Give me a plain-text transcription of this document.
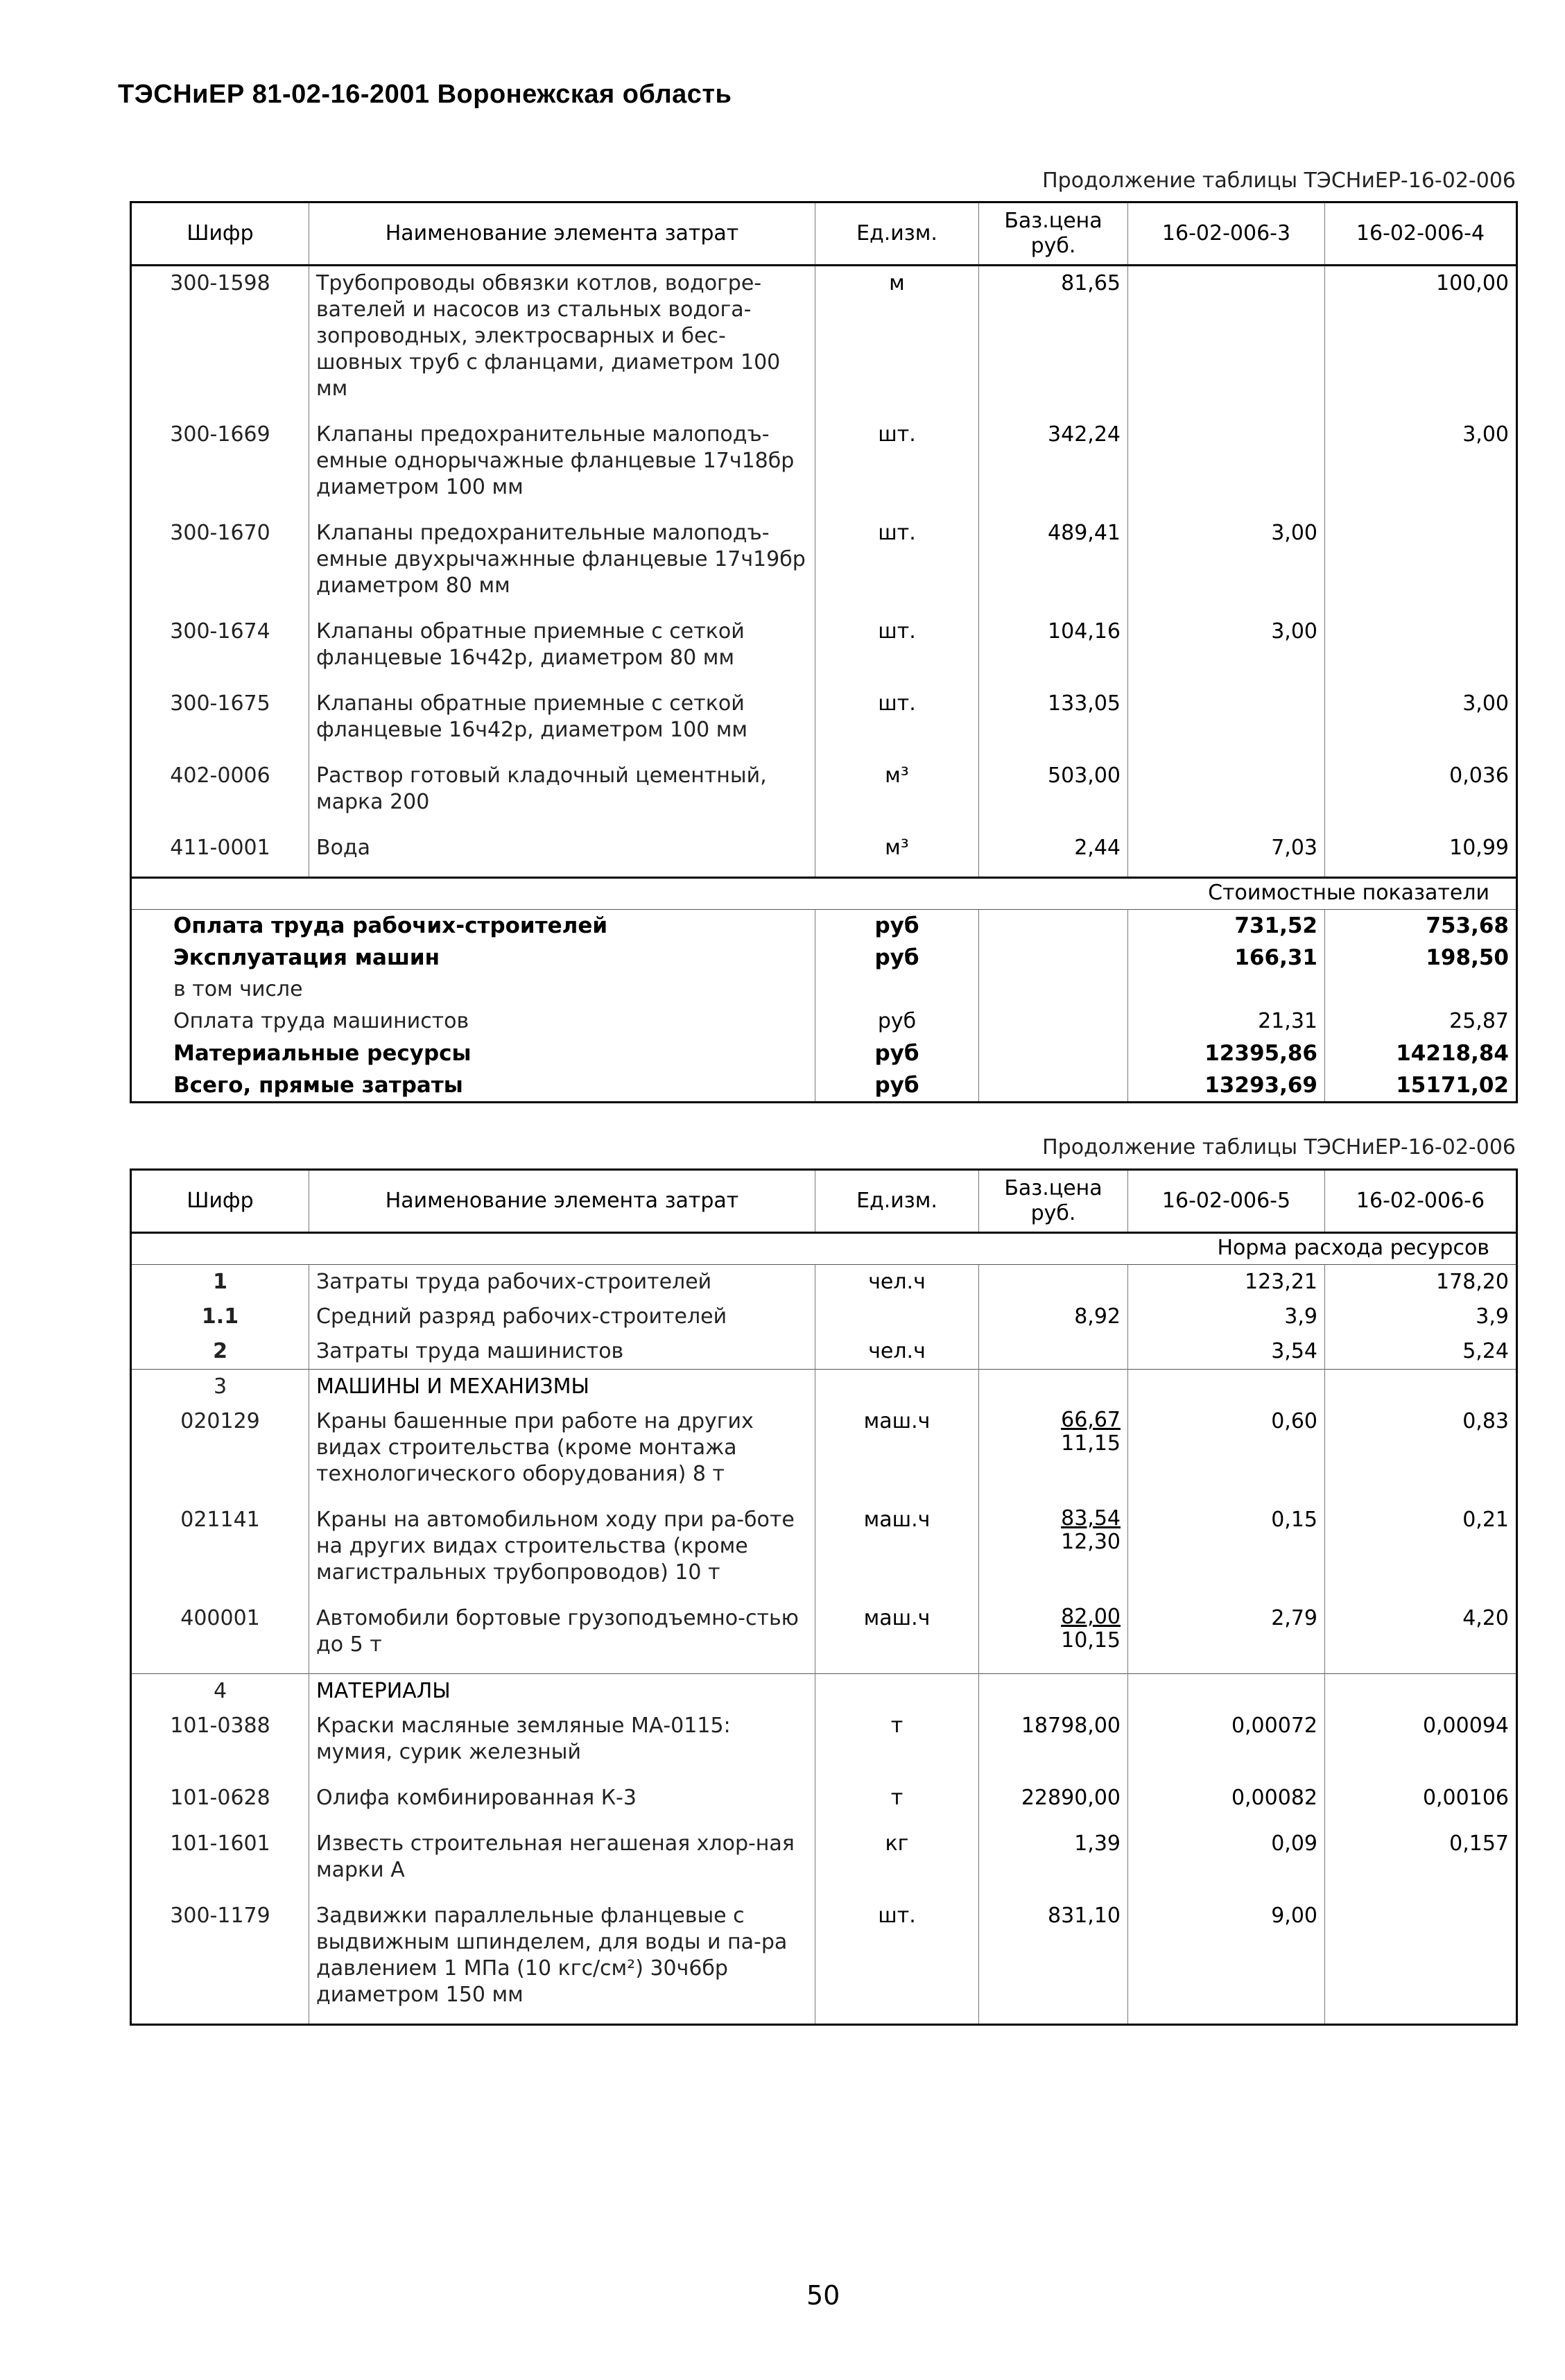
ТЭСНиЕР 81-02-16-2001 Воронежская область
Продолжение таблицы ТЭСНиЕР-16-02-006
Шифр	Наименование элемента затрат	Ед.изм.	Баз.цена руб.	16-02-006-3	16-02-006-4
300-1598	Трубопроводы обвязки котлов, водогре-вателей и насосов из стальных водога-зопроводных, электросварных и бес-шовных труб с фланцами, диаметром 100 мм	м	81,65		100,00
300-1669	Клапаны предохранительные малоподъ-емные однорычажные фланцевые 17ч18бр диаметром 100 мм	шт.	342,24		3,00
300-1670	Клапаны предохранительные малоподъ-емные двухрычажнные фланцевые 17ч19бр диаметром 80 мм	шт.	489,41	3,00	
300-1674	Клапаны обратные приемные с сеткой фланцевые 16ч42р, диаметром 80 мм	шт.	104,16	3,00	
300-1675	Клапаны обратные приемные с сеткой фланцевые 16ч42р, диаметром 100 мм	шт.	133,05		3,00
402-0006	Раствор готовый кладочный цементный, марка 200	м³	503,00		0,036
411-0001	Вода	м³	2,44	7,03	10,99
Стоимостные показатели					
Оплата труда рабочих-строителей		руб		731,52	753,68
Эксплуатация машин		руб		166,31	198,50
в том числе					
Оплата труда машинистов		руб		21,31	25,87
Материальные ресурсы		руб		12395,86	14218,84
Всего, прямые затраты		руб		13293,69	15171,02
Продолжение таблицы ТЭСНиЕР-16-02-006
Шифр	Наименование элемента затрат	Ед.изм.	Баз.цена руб.	16-02-006-5	16-02-006-6
Норма расхода ресурсов					
1	Затраты труда рабочих-строителей	чел.ч		123,21	178,20
1.1	Средний разряд рабочих-строителей		8,92	3,9	3,9
2	Затраты труда машинистов	чел.ч		3,54	5,24
3	МАШИНЫ И МЕХАНИЗМЫ				
020129	Краны башенные при работе на других видах строительства (кроме монтажа технологического оборудования) 8 т	маш.ч	$\frac{66,67}{11,15}$	0,60	0,83
021141	Краны на автомобильном ходу при ра-боте на других видах строительства (кроме магистральных трубопроводов) 10 т	маш.ч	$\frac{83,54}{12,30}$	0,15	0,21
400001	Автомобили бортовые грузоподъемно-стью до 5 т	маш.ч	$\frac{82,00}{10,15}$	2,79	4,20
4	МАТЕРИАЛЫ				
101-0388	Краски масляные земляные МА-0115: мумия, сурик железный	т	18798,00	0,00072	0,00094
101-0628	Олифа комбинированная К-3	т	22890,00	0,00082	0,00106
101-1601	Известь строительная негашеная хлор-ная марки А	кг	1,39	0,09	0,157
300-1179	Задвижки параллельные фланцевые с выдвижным шпинделем, для воды и па-ра давлением 1 МПа (10 кгс/см²) 30ч6бр диаметром 150 мм	шт.	831,10	9,00	
50
